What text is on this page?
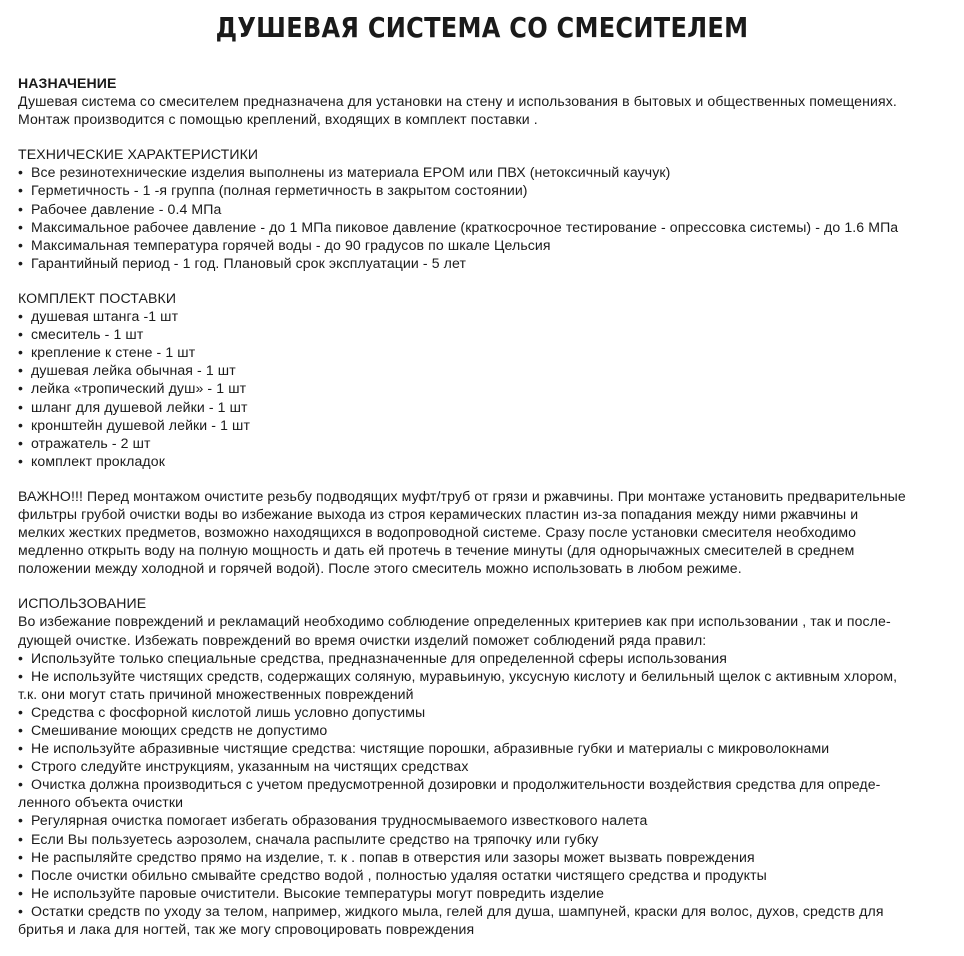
ДУШЕВАЯ СИСТЕМА СО СМЕСИТЕЛЕМ

НАЗНАЧЕНИЕ

Душевая система со смесителем предназначена для установки на стену и использования в бытовых и общественных помещениях.

Монтаж производится с помощью креплений, входящих в комплект поставки .

ТЕХНИЧЕСКИЕ ХАРАКТЕРИСТИКИ

• Все резинотехнические изделия выполнены из материала EPOM или ПВХ (нетоксичный каучук)

• Герметичность - 1 -я группа (полная герметичность в закрытом состоянии)

• Рабочее давление - 0.4 МПа

• Максимальное рабочее давление - до 1 МПа пиковое давление (краткосрочное тестирование - опрессовка системы) - до 1.6 МПа

• Максимальная температура горячей воды - до 90 градусов по шкале Цельсия

• Гарантийный период - 1 год. Плановый срок эксплуатации - 5 лет

КОМПЛЕКТ ПОСТАВКИ

• душевая штанга -1 шт

• смеситель - 1 шт

• крепление к стене - 1 шт

• душевая лейка обычная - 1 шт

• лейка «тропический душ» - 1 шт

• шланг для душевой лейки - 1 шт

• кронштейн душевой лейки - 1 шт

• отражатель - 2 шт

• комплект прокладок

ВАЖНО!!! Перед монтажом очистите резьбу подводящих муфт/труб от грязи и ржавчины. При монтаже установить предварительные

фильтры грубой очистки воды во избежание выхода из строя керамических пластин из-за попадания между ними ржавчины и

мелких жестких предметов, возможно находящихся в водопроводной системе. Сразу после установки смесителя необходимо

медленно открыть воду на полную мощность и дать ей протечь в течение минуты (для однорычажных смесителей в среднем

положении между холодной и горячей водой). После этого смеситель можно использовать в любом режиме.

ИСПОЛЬЗОВАНИЕ

Во избежание повреждений и рекламаций необходимо соблюдение определенных критериев как при использовании , так и после-

дующей очистке. Избежать повреждений во время очистки изделий поможет соблюдений ряда правил:

• Используйте только специальные средства, предназначенные для определенной сферы использования

• Не используйте чистящих средств, содержащих соляную, муравьиную, уксусную кислоту и белильный щелок с активным хлором,

т.к. они могут стать причиной множественных повреждений

• Средства с фосфорной кислотой лишь условно допустимы

• Смешивание моющих средств не допустимо

• Не используйте абразивные чистящие средства: чистящие порошки, абразивные губки и материалы с микроволокнами

• Строго следуйте инструкциям, указанным на чистящих средствах

• Очистка должна производиться с учетом предусмотренной дозировки и продолжительности воздействия средства для опреде-

ленного объекта очистки

• Регулярная очистка помогает избегать образования трудносмываемого известкового налета

• Если Вы пользуетесь аэрозолем, сначала распылите средство на тряпочку или губку

• Не распыляйте средство прямо на изделие, т. к . попав в отверстия или зазоры может вызвать повреждения

• После очистки обильно смывайте средство водой , полностью удаляя остатки чистящего средства и продукты

• Не используйте паровые очистители. Высокие температуры могут повредить изделие

• Остатки средств по уходу за телом, например, жидкого мыла, гелей для душа, шампуней, краски для волос, духов, средств для

бритья и лака для ногтей, так же могу спровоцировать повреждения
